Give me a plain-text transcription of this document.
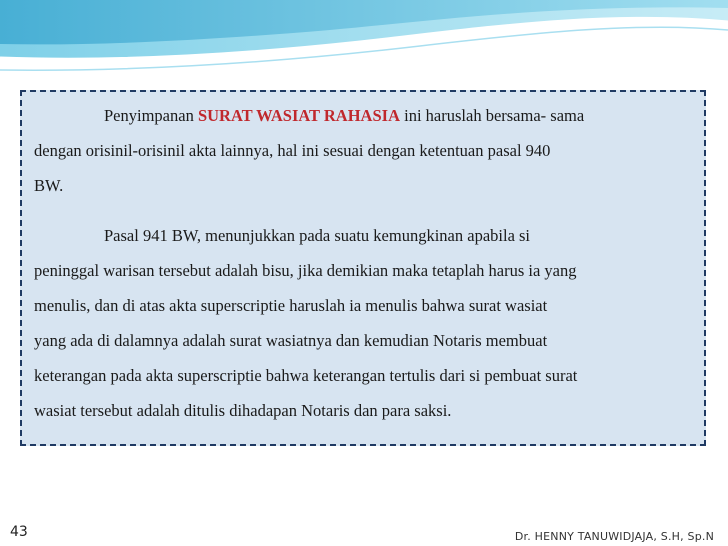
Penyimpanan SURAT WASIAT RAHASIA ini haruslah bersama- sama
dengan orisinil-orisinil akta lainnya, hal ini sesuai dengan ketentuan pasal 940
BW.

Pasal 941 BW, menunjukkan pada suatu kemungkinan apabila si
peninggal warisan tersebut adalah bisu, jika demikian maka tetaplah harus ia yang
menulis, dan di atas akta superscriptie haruslah ia menulis bahwa surat wasiat
yang ada di dalamnya adalah surat wasiatnya dan kemudian Notaris membuat
keterangan pada akta superscriptie bahwa keterangan tertulis dari si pembuat surat
wasiat tersebut adalah ditulis dihadapan Notaris dan para saksi.

43	Dr. HENNY TANUWIDJAJA, S.H, Sp.N
